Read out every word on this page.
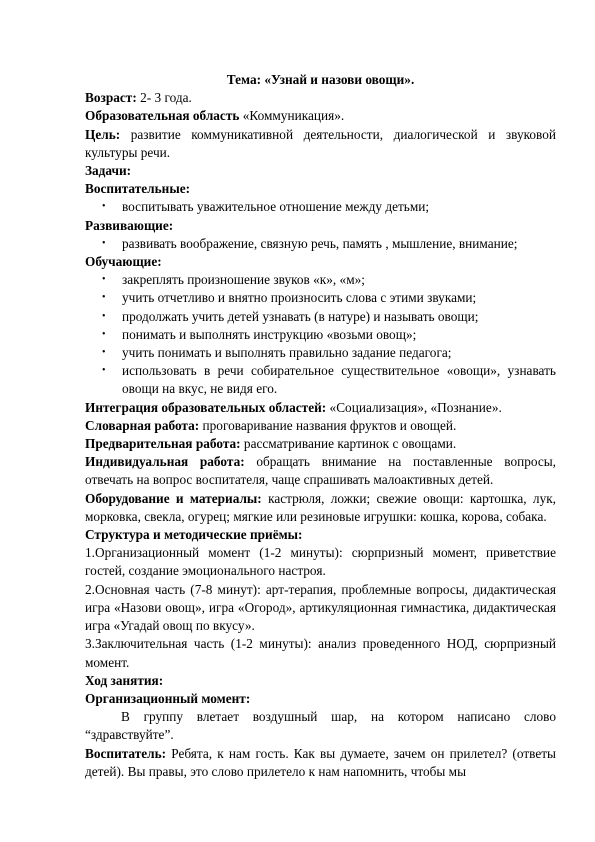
Тема: «Узнай и назови овощи».

Возраст: 2- 3 года.

Образовательная область «Коммуникация».

Цель: развитие коммуникативной деятельности, диалогической и звуковой культуры речи.

Задачи:

Воспитательные:

• воспитывать уважительное отношение между детьми;

Развивающие:

• развивать воображение, связную речь, память , мышление, внимание;

Обучающие:

• закреплять произношение звуков «к», «м»;
• учить отчетливо и внятно произносить слова с этими звуками;
• продолжать учить детей узнавать (в натуре) и называть овощи;
• понимать и выполнять инструкцию «возьми овощ»;
• учить понимать и выполнять правильно задание педагога;
• использовать в речи собирательное существительное «овощи», узнавать овощи на вкус, не видя его.

Интеграция образовательных областей: «Социализация», «Познание».

Словарная работа: проговаривание названия фруктов и овощей.

Предварительная работа: рассматривание картинок с овощами.

Индивидуальная работа: обращать внимание на поставленные вопросы, отвечать на вопрос воспитателя, чаще спрашивать малоактивных детей.

Оборудование и материалы: кастрюля, ложки; свежие овощи: картошка, лук, морковка, свекла, огурец; мягкие или резиновые игрушки: кошка, корова, собака.

Структура и методические приёмы:

1.Организационный момент (1-2 минуты): сюрпризный момент, приветствие гостей, создание эмоционального настроя.

2.Основная часть (7-8 минут): арт-терапия, проблемные вопросы, дидактическая игра «Назови овощ», игра «Огород», артикуляционная гимнастика, дидактическая игра «Угадай овощ по вкусу».

3.Заключительная часть (1-2 минуты): анализ проведенного НОД, сюрпризный момент.

Ход занятия:

Организационный момент:

В группу влетает воздушный шар, на котором написано слово “здравствуйте”.

Воспитатель: Ребята, к нам гость. Как вы думаете, зачем он прилетел? (ответы детей). Вы правы, это слово прилетело к нам напомнить, чтобы мы
